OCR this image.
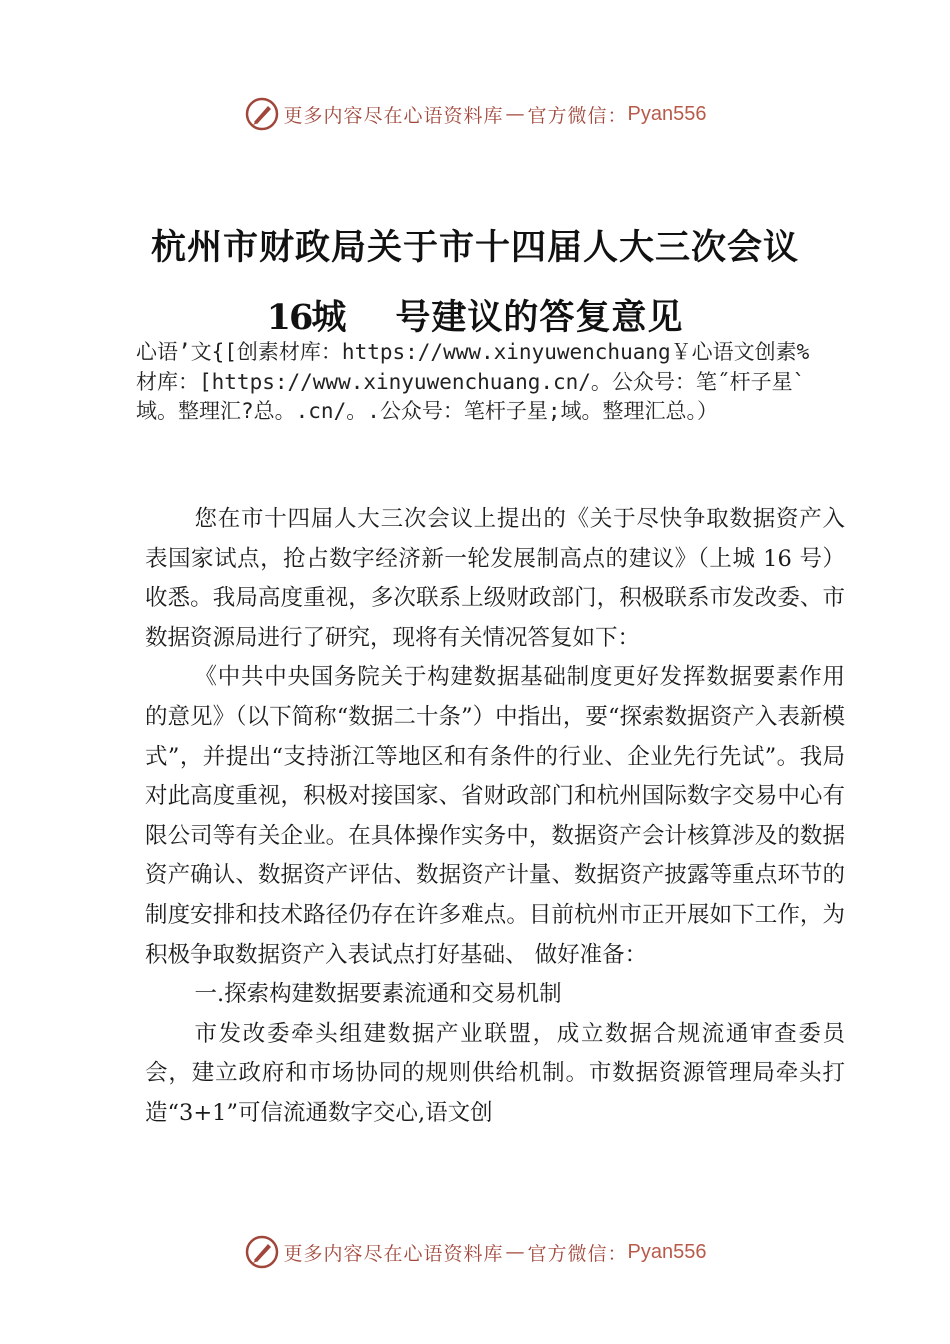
更多内容尽在心语资料库 — 官方微信： Pyan556
杭州市财政局关于市十四届人大三次会议
16城 号建议的答复意见
心语’文{[创素材库：https://www.xinyuwenchuang￥心语文创素%材库：[https://www.xinyuwenchuang.cn/。公众号：笔˝杆子星`域。整理汇?总。.cn/。.公众号：笔杆子星;域。整理汇总。）

您在市十四届人大三次会议上提出的《关于尽快争取数据资产入表国家试点，抢占数字经济新一轮发展制高点的建议》（上城 16 号）收悉。我局高度重视，多次联系上级财政部门，积极联系市发改委、市数据资源局进行了研究，现将有关情况答复如下：

《中共中央国务院关于构建数据基础制度更好发挥数据要素作用的意见》（以下简称“数据二十条”）中指出，要“探索数据资产入表新模式”，并提出“支持浙江等地区和有条件的行业、企业先行先试”。我局对此高度重视，积极对接国家、省财政部门和杭州国际数字交易中心有限公司等有关企业。在具体操作实务中，数据资产会计核算涉及的数据资产确认、数据资产评估、数据资产计量、数据资产披露等重点环节的制度安排和技术路径仍存在许多难点。目前杭州市正开展如下工作，为积极争取数据资产入表试点打好基础、 做好准备：

一.探索构建数据要素流通和交易机制

市发改委牵头组建数据产业联盟，成立数据合规流通审查委员会，建立政府和市场协同的规则供给机制。市数据资源管理局牵头打造“3+1”可信流通数字交心,语文创

更多内容尽在心语资料库 — 官方微信： Pyan556
